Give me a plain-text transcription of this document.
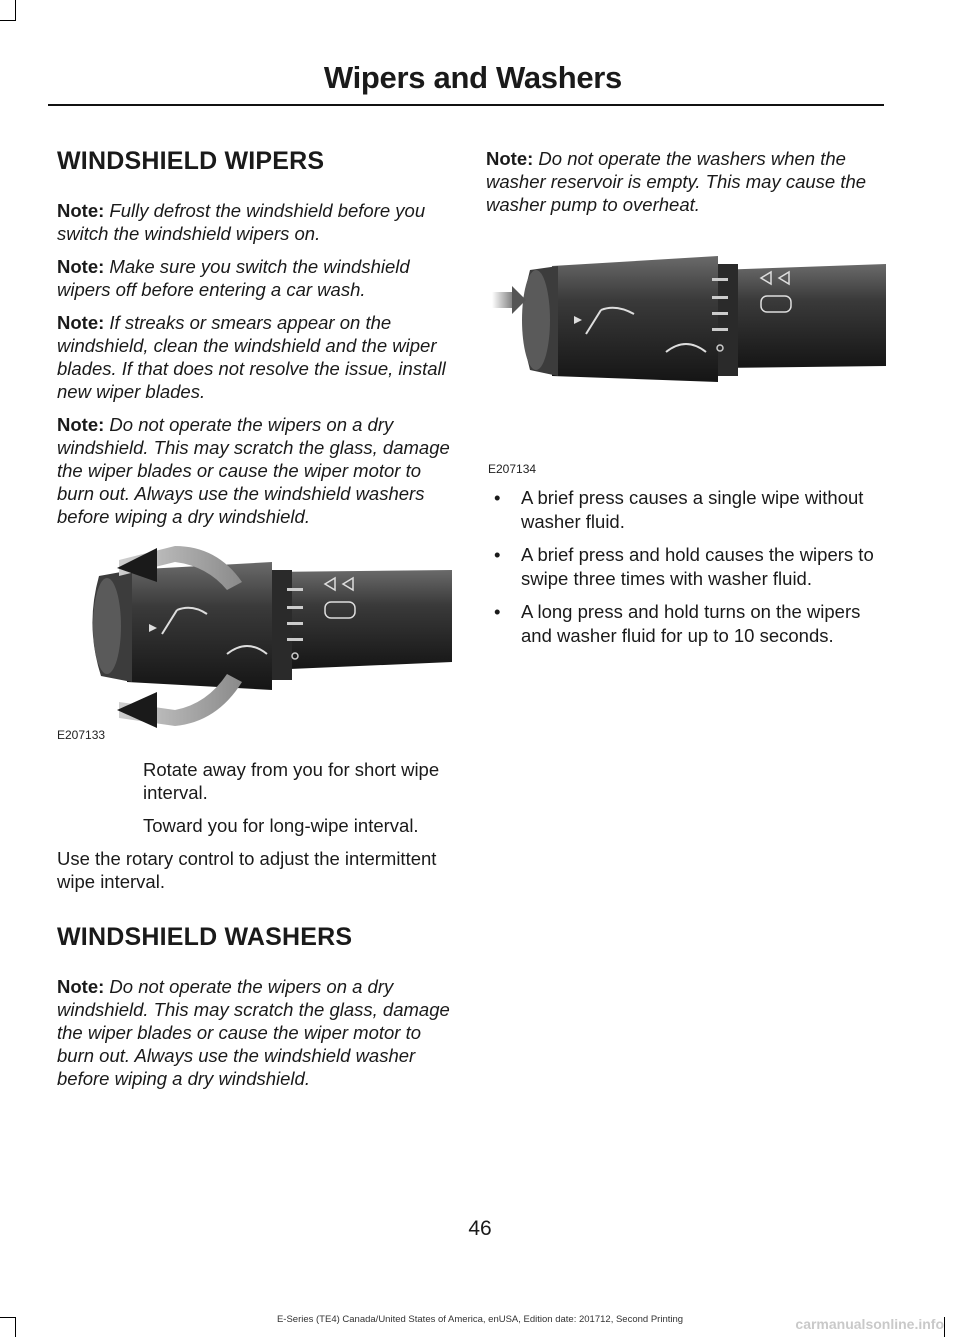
Wipers and Washers
WINDSHIELD WIPERS

Note: Fully defrost the windshield before you switch the windshield wipers on.

Note: Make sure you switch the windshield wipers off before entering a car wash.

Note: If streaks or smears appear on the windshield, clean the windshield and the wiper blades. If that does not resolve the issue, install new wiper blades.

Note: Do not operate the wipers on a dry windshield. This may scratch the glass, damage the wiper blades or cause the wiper motor to burn out. Always use the windshield washers before wiping a dry windshield.

E207133

Rotate away from you for short wipe interval.

Toward you for long-wipe interval.

Use the rotary control to adjust the intermittent wipe interval.

WINDSHIELD WASHERS

Note: Do not operate the wipers on a dry windshield. This may scratch the glass, damage the wiper blades or cause the wiper motor to burn out. Always use the windshield washer before wiping a dry windshield.

Note: Do not operate the washers when the washer reservoir is empty. This may cause the washer pump to overheat.

E207134
• A brief press causes a single wipe without washer fluid.
• A brief press and hold causes the wipers to swipe three times with washer fluid.
• A long press and hold turns on the wipers and washer fluid for up to 10 seconds.
46
E-Series (TE4) Canada/United States of America, enUSA, Edition date: 201712, Second Printing	carmanualsonline.info
